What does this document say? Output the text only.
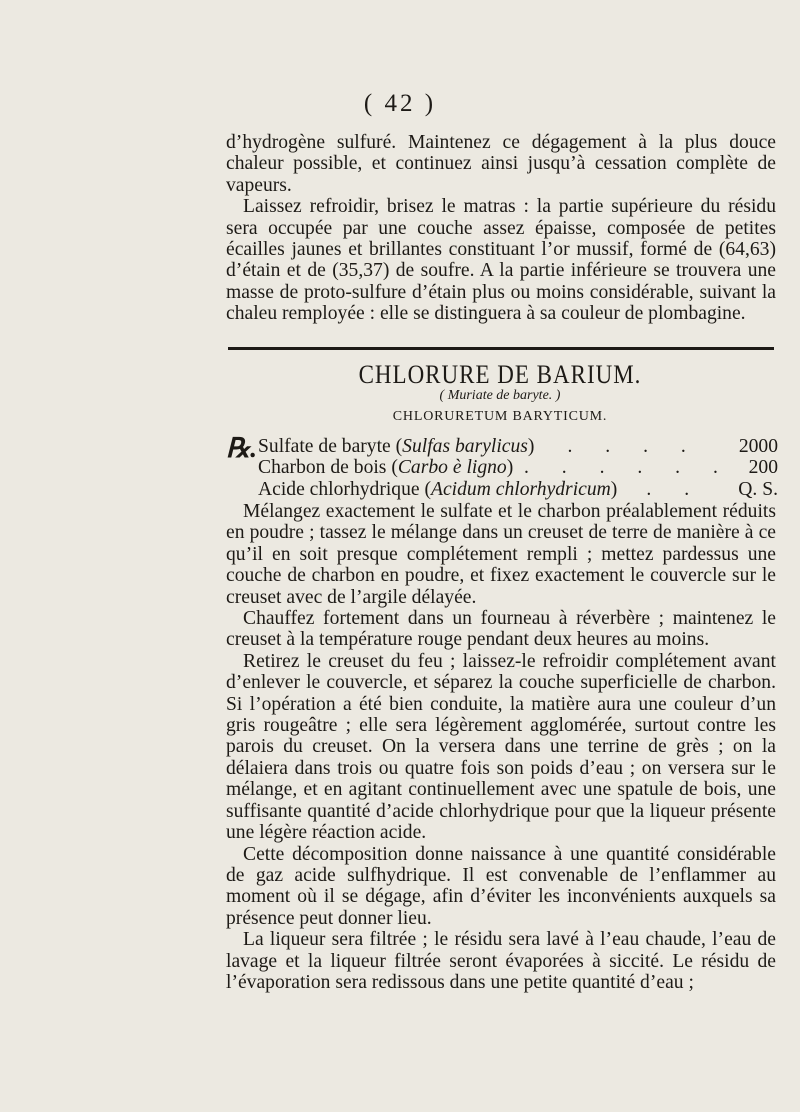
( 42 )

d’hydrogène sulfuré. Maintenez ce dégagement à la plus douce chaleur possible, et continuez ainsi jusqu’à cessation complète de vapeurs.

Laissez refroidir, brisez le matras : la partie supérieure du résidu sera occupée par une couche assez épaisse, composée de petites écailles jaunes et brillantes constituant l’or mussif, formé de (64,63) d’étain et de (35,37) de soufre. A la partie inférieure se trouvera une masse de proto-sulfure d’étain plus ou moins considérable, suivant la chaleu remployée : elle se distinguera à sa couleur de plombagine.

CHLORURE DE BARIUM.
( Muriate de baryte. )
CHLORURETUM BARYTICUM.
℞. Sulfate de baryte (Sulfas barylicus)	. . . .	2000
Charbon de bois (Carbo è ligno) . . . . . . 200
Acide chlorhydrique (Acidum chlorhydricum)	. .	Q. S.

Mélangez exactement le sulfate et le charbon préalablement réduits en poudre ; tassez le mélange dans un creuset de terre de manière à ce qu’il en soit presque complétement rempli ; mettez pardessus une couche de charbon en poudre, et fixez exactement le couvercle sur le creuset avec de l’argile délayée.

Chauffez fortement dans un fourneau à réverbère ; maintenez le creuset à la température rouge pendant deux heures au moins.

Retirez le creuset du feu ; laissez-le refroidir complétement avant d’enlever le couvercle, et séparez la couche superficielle de charbon. Si l’opération a été bien conduite, la matière aura une couleur d’un gris rougeâtre ; elle sera légèrement agglomérée, surtout contre les parois du creuset. On la versera dans une terrine de grès ; on la délaiera dans trois ou quatre fois son poids d’eau ; on versera sur le mélange, et en agitant continuellement avec une spatule de bois, une suffisante quantité d’acide chlorhydrique pour que la liqueur présente une légère réaction acide.

Cette décomposition donne naissance à une quantité considérable de gaz acide sulfhydrique. Il est convenable de l’enflammer au moment où il se dégage, afin d’éviter les inconvénients auxquels sa présence peut donner lieu.

La liqueur sera filtrée ; le résidu sera lavé à l’eau chaude, l’eau de lavage et la liqueur filtrée seront évaporées à siccité. Le résidu de l’évaporation sera redissous dans une petite quantité d’eau ;
